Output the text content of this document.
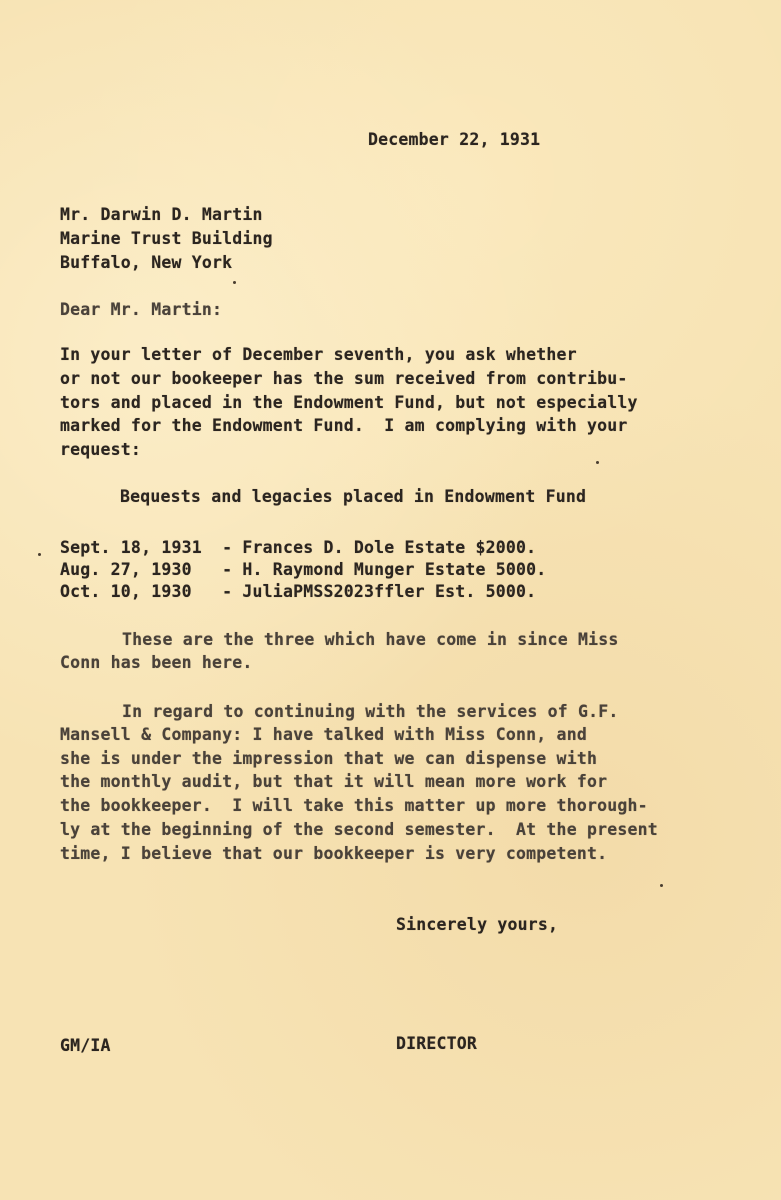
December 22, 1931
Mr. Darwin D. Martin
Marine Trust Building
Buffalo, New York
Dear Mr. Martin:
In your letter of December seventh, you ask whether
or not our bookeeper has the sum received from contribu-
tors and placed in the Endowment Fund, but not especially
marked for the Endowment Fund.  I am complying with your
request:
Bequests and legacies placed in Endowment Fund
Sept. 18, 1931  - Frances D. Dole Estate $2000.
Aug. 27, 1930   - H. Raymond Munger Estate 5000.
Oct. 10, 1930   - JuliaPMSS2023ffler Est. 5000.
These are the three which have come in since Miss
Conn has been here.
In regard to continuing with the services of G.F.
Mansell & Company: I have talked with Miss Conn, and
she is under the impression that we can dispense with
the monthly audit, but that it will mean more work for
the bookkeeper.  I will take this matter up more thorough-
ly at the beginning of the second semester.  At the present
time, I believe that our bookkeeper is very competent.
Sincerely yours,
GM/IA	DIRECTOR
